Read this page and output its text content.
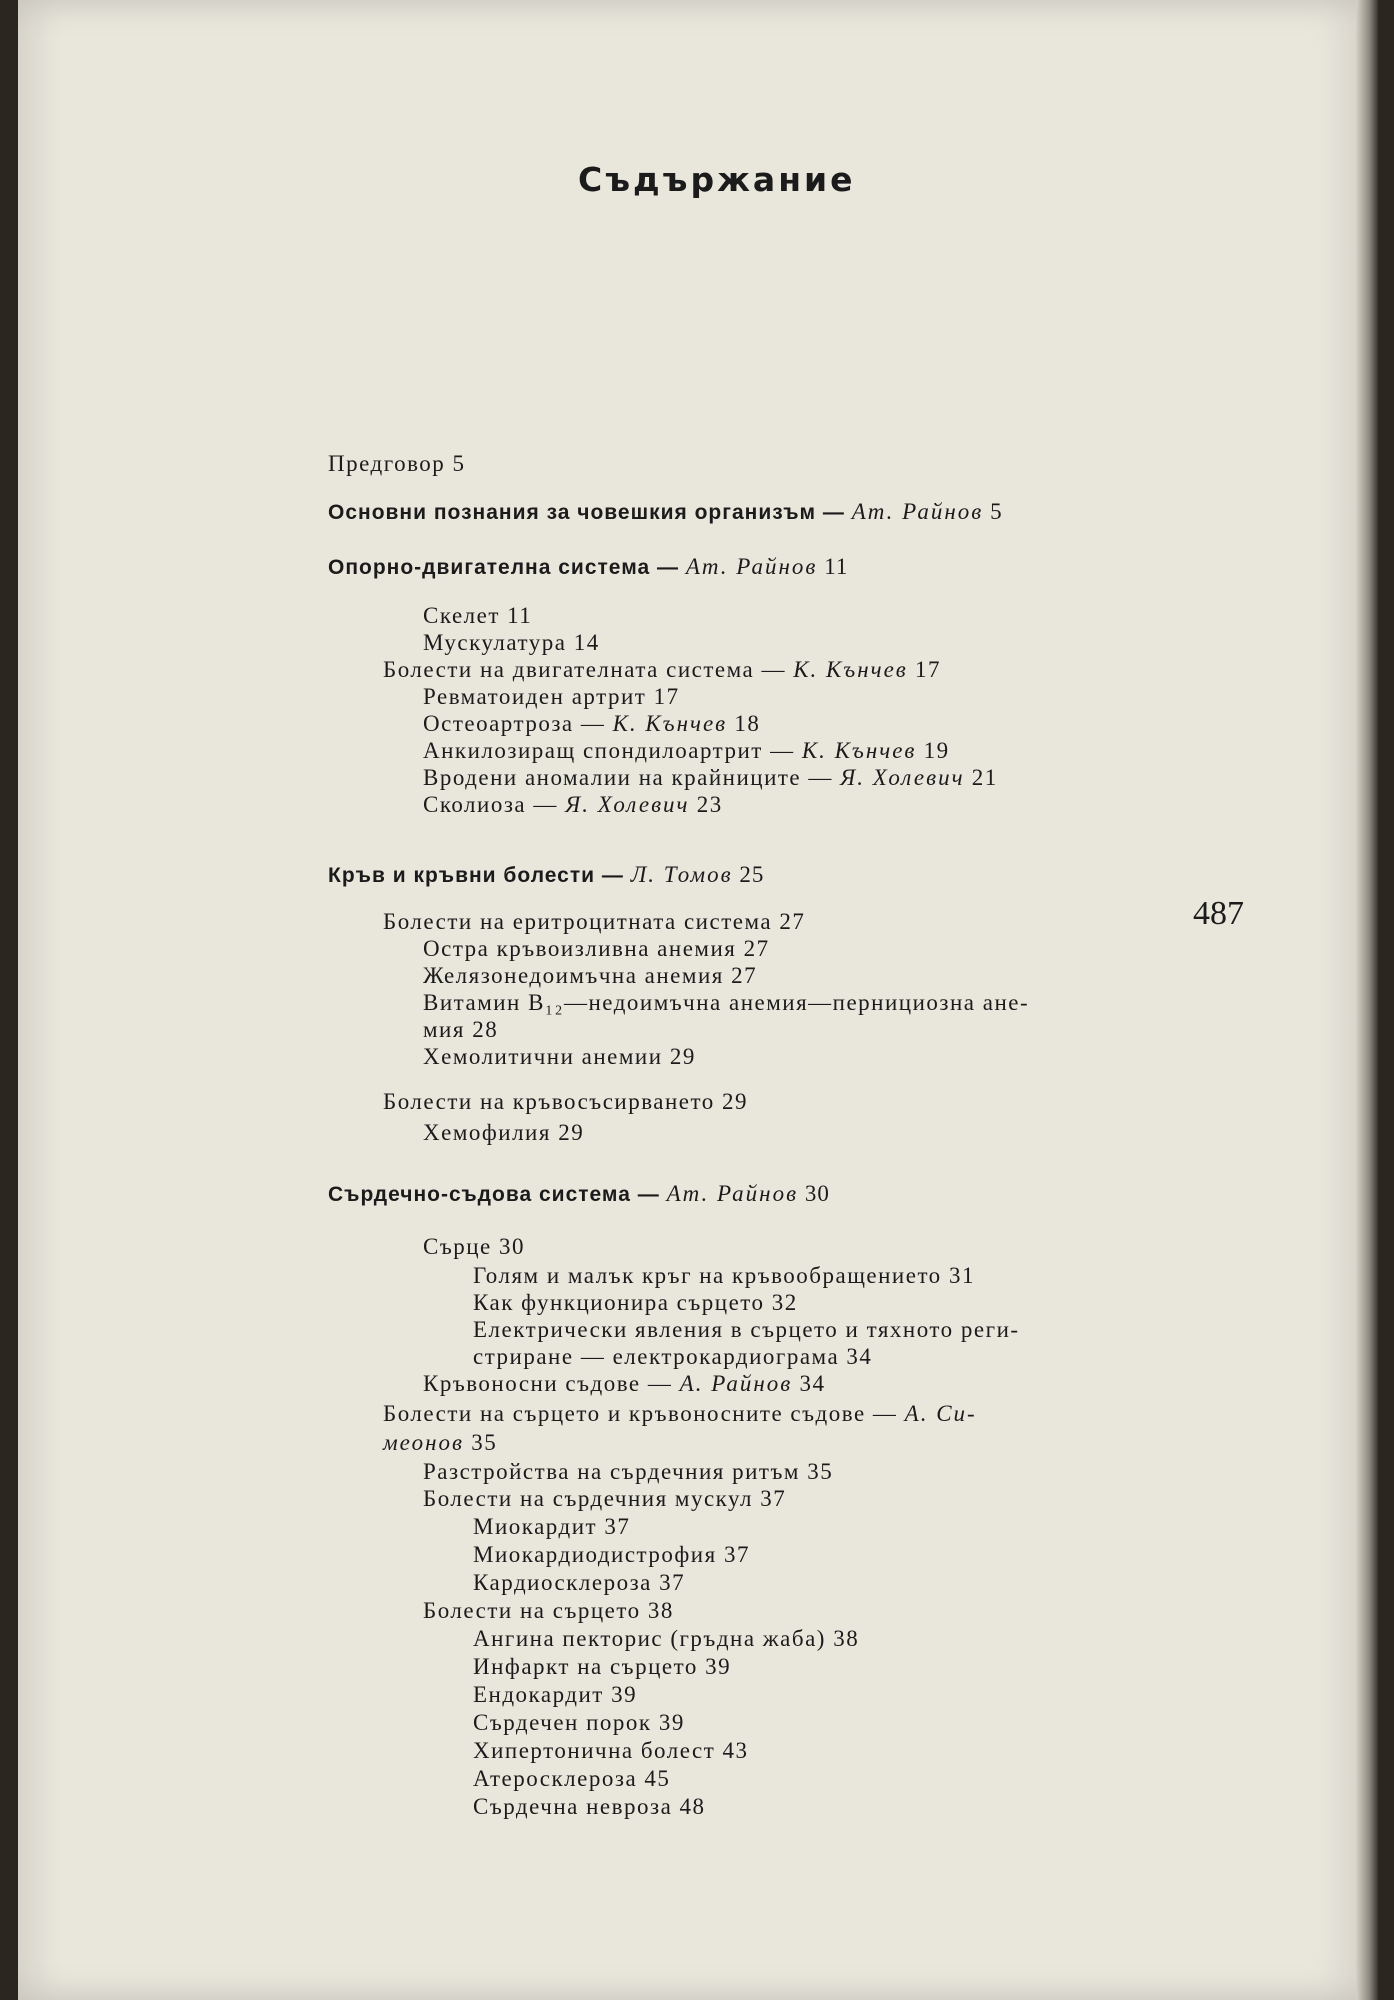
Съдържание
487
Предговор 5
Основни познания за човешкия организъм — Ат. Райнов 5
Опорно-двигателна система — Ат. Райнов 11
Скелет 11
Мускулатура 14
Болести на двигателната система — К. Кънчев 17
Ревматоиден артрит 17
Остеоартроза — К. Кънчев 18
Анкилозиращ спондилоартрит — К. Кънчев 19
Вродени аномалии на крайниците — Я. Холевич 21
Сколиоза — Я. Холевич 23
Кръв и кръвни болести — Л. Томов 25
Болести на еритроцитната система 27
Остра кръвоизливна анемия 27
Желязонедоимъчна анемия 27
Витамин B₁₂—недоимъчна анемия—пернициозна ане-
мия 28
Хемолитични анемии 29
Болести на кръвосъсирването 29
Хемофилия 29
Сърдечно-съдова система — Ат. Райнов 30
Сърце 30
Голям и малък кръг на кръвообращението 31
Как функционира сърцето 32
Електрически явления в сърцето и тяхното реги-
стриране — електрокардиограма 34
Кръвоносни съдове — А. Райнов 34
Болести на сърцето и кръвоносните съдове — А. Си-
меонов 35
Разстройства на сърдечния ритъм 35
Болести на сърдечния мускул 37
Миокардит 37
Миокардиодистрофия 37
Кардиосклероза 37
Болести на сърцето 38
Ангина пекторис (гръдна жаба) 38
Инфаркт на сърцето 39
Ендокардит 39
Сърдечен порок 39
Хипертонична болест 43
Атеросклероза 45
Сърдечна невроза 48
